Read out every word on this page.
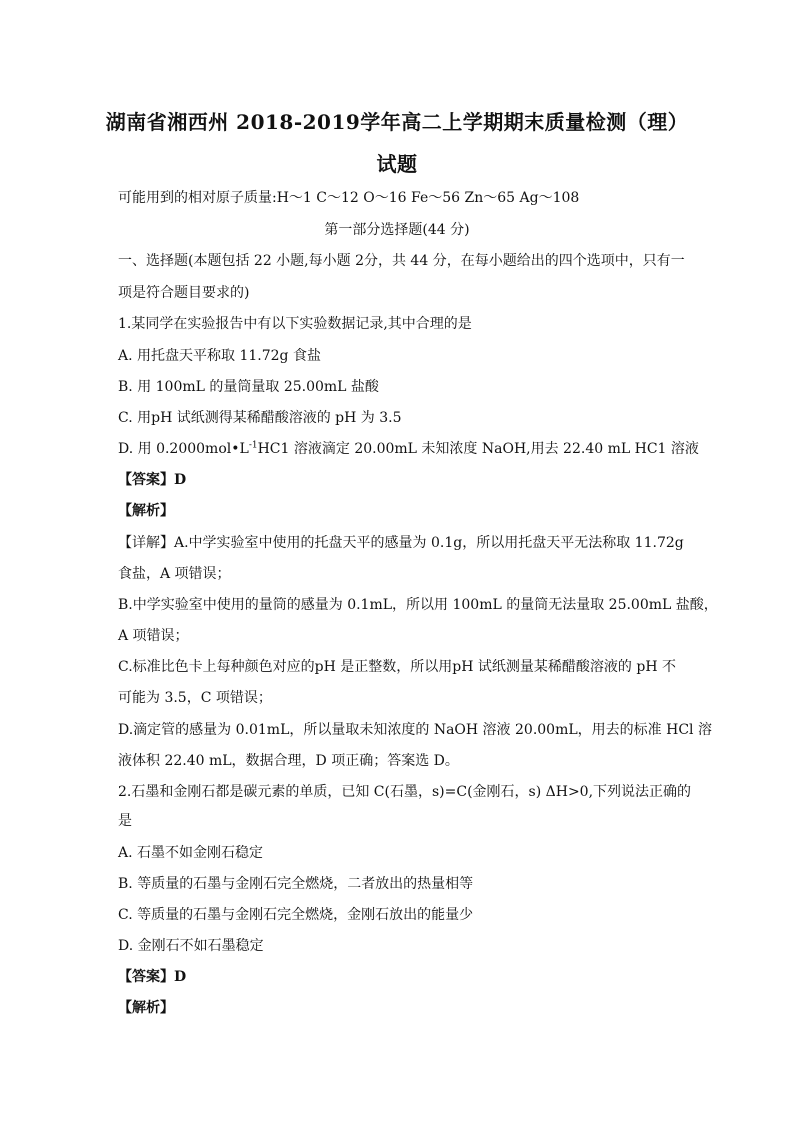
湖南省湘西州 2018-2019学年高二上学期期末质量检测（理）
试题
可能用到的相对原子质量:H～1 C～12 O～16 Fe～56 Zn～65 Ag～108
第一部分选择题(44 分)
一、选择题(本题包括 22 小题,每小题 2分，共 44 分，在每小题给出的四个选项中，只有一
项是符合题目要求的)
1.某同学在实验报告中有以下实验数据记录,其中合理的是
A. 用托盘天平称取 11.72g 食盐
B. 用 100mL 的量筒量取 25.00mL 盐酸
C. 用pH 试纸测得某稀醋酸溶液的 pH 为 3.5
D. 用 $0.2000mol•L^{-1}HC1$ 溶液滴定 20.00mL 未知浓度 NaOH,用去 22.40 mL HC1 溶液
【答案】D
【解析】
【详解】A.中学实验室中使用的托盘天平的感量为 0.1g，所以用托盘天平无法称取 11.72g
食盐，A 项错误；
B.中学实验室中使用的量筒的感量为 0.1mL，所以用 100mL 的量筒无法量取 25.00mL 盐酸，
A 项错误；
C.标准比色卡上每种颜色对应的pH 是正整数，所以用pH 试纸测量某稀醋酸溶液的 pH 不
可能为 3.5，C 项错误；
D.滴定管的感量为 0.01mL，所以量取未知浓度的 NaOH 溶液 20.00mL，用去的标准 HCl 溶
液体积 22.40 mL，数据合理，D 项正确；答案选 D。
2.石墨和金刚石都是碳元素的单质，已知 C(石墨，s)=C(金刚石，s) ΔH>0,下列说法正确的
是
A. 石墨不如金刚石稳定
B. 等质量的石墨与金刚石完全燃烧，二者放出的热量相等
C. 等质量的石墨与金刚石完全燃烧，金刚石放出的能量少
D. 金刚石不如石墨稳定
【答案】D
【解析】
